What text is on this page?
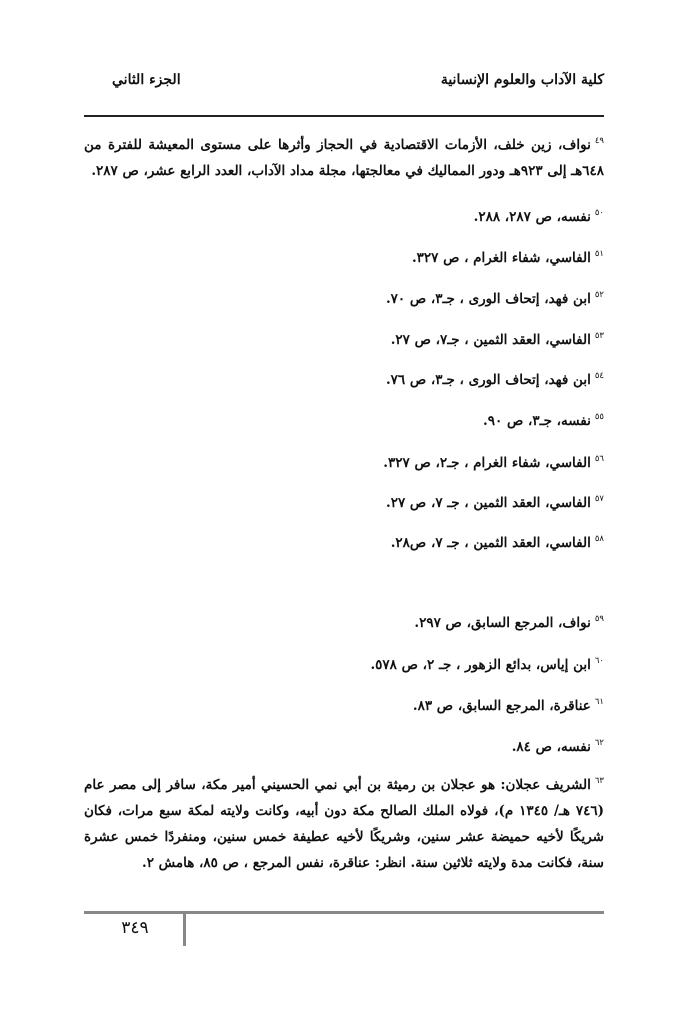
كلية الآداب والعلوم الإنسانية
الجزء الثاني
$^{٤٩}$نواف، زين خلف، الأزمات الاقتصادية في الحجاز وأثرها على مستوى المعيشة للفترة من ٦٤٨هـ إلى ٩٢٣هـ ودور المماليك في معالجتها، مجلة مداد الآداب، العدد الرابع عشر، ص ٢٨٧.
$^{٥٠}$نفسه، ص ٢٨٧، ٢٨٨.
$^{٥١}$الفاسي، شفاء الغرام ، ص ٣٢٧.
$^{٥٢}$ابن فهد، إتحاف الورى ، جـ٣، ص ٧٠.
$^{٥٣}$الفاسي، العقد الثمين ، جـ٧، ص ٢٧.
$^{٥٤}$ابن فهد، إتحاف الورى ، جـ٣، ص ٧٦.
$^{٥٥}$نفسه، جـ٣، ص ٩٠.
$^{٥٦}$الفاسي، شفاء الغرام ، جـ٢، ص ٣٢٧.
$^{٥٧}$الفاسي، العقد الثمين ، جـ ٧، ص ٢٧.
$^{٥٨}$الفاسي، العقد الثمين ، جـ ٧، ص٢٨.
$^{٥٩}$نواف، المرجع السابق، ص ٢٩٧.
$^{٦٠}$ابن إياس، بدائع الزهور ، جـ ٢، ص ٥٧٨.
$^{٦١}$عناقرة، المرجع السابق، ص ٨٣.
$^{٦٢}$نفسه، ص ٨٤.
$^{٦٣}$الشريف عجلان: هو عجلان بن رميثة بن أبي نمي الحسيني أمير مكة، سافر إلى مصر عام (٧٤٦ هـ/ ١٣٤٥ م)، فولاه الملك الصالح مكة دون أبيه، وكانت ولايته لمكة سبع مرات، فكان شريكًا لأخيه حميضة عشر سنين، وشريكًا لأخيه عطيفة خمس سنين، ومنفردًا خمس عشرة سنة، فكانت مدة ولايته ثلاثين سنة. انظر: عناقرة، نفس المرجع ، ص ٨٥، هامش ٢.
٣٤٩
